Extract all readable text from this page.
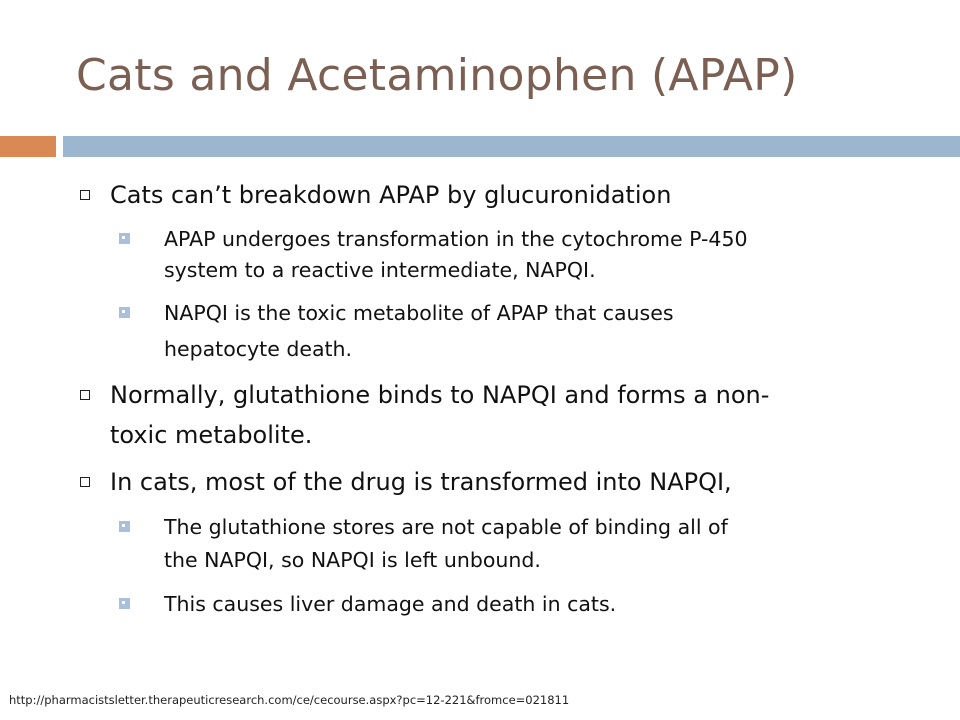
Cats and Acetaminophen (APAP)
Cats can’t breakdown APAP by glucuronidation
APAP undergoes transformation in the cytochrome P-450
system to a reactive intermediate, NAPQI.
NAPQI is the toxic metabolite of APAP that causes
hepatocyte death.
Normally, glutathione binds to NAPQI and forms a non-
toxic metabolite.
In cats, most of the drug is transformed into NAPQI,
The glutathione stores are not capable of binding all of
the NAPQI, so NAPQI is left unbound.
This causes liver damage and death in cats.
http://pharmacistsletter.therapeuticresearch.com/ce/cecourse.aspx?pc=12-221&fromce=021811
